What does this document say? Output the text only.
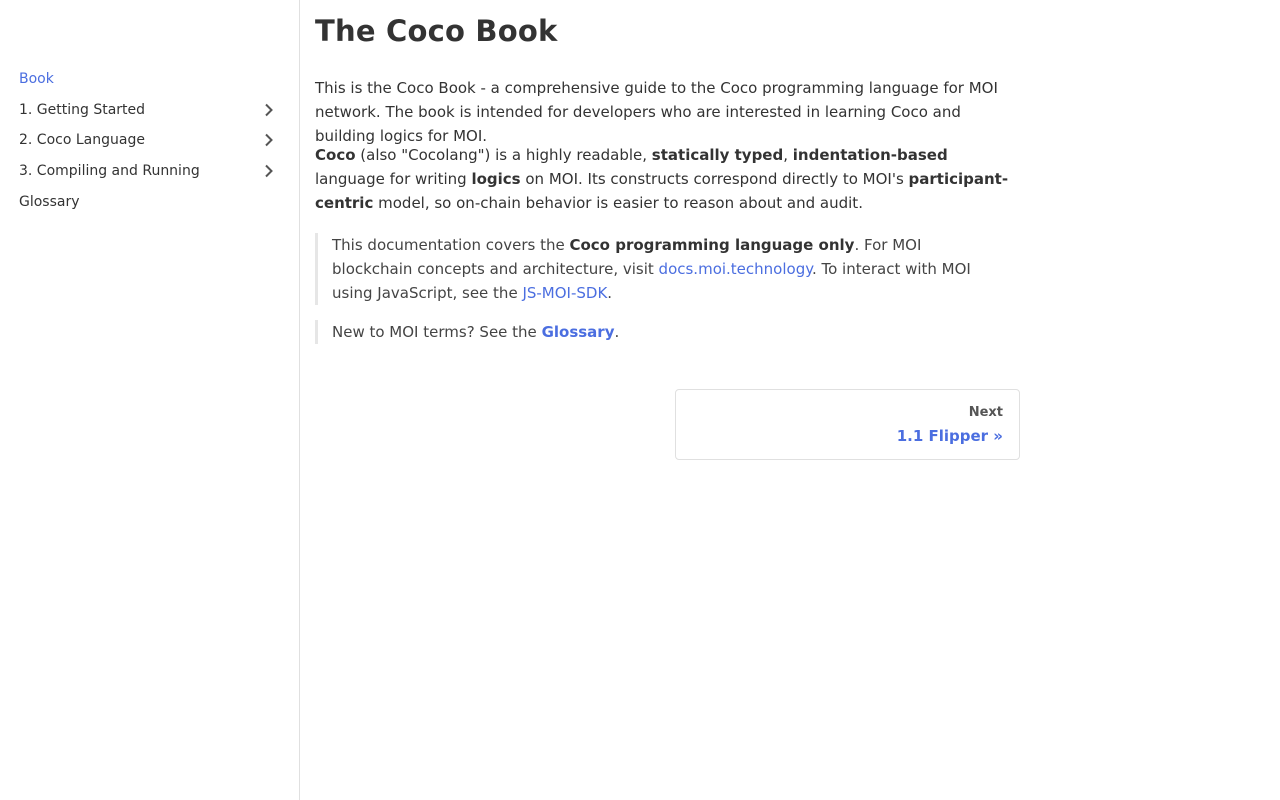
Book
1. Getting Started
2. Coco Language
3. Compiling and Running
Glossary
The Coco Book

This is the Coco Book - a comprehensive guide to the Coco programming language for MOI network. The book is intended for developers who are interested in learning Coco and building logics for MOI.

Coco (also "Cocolang") is a highly readable, statically typed, indentation-based language for writing logics on MOI. Its constructs correspond directly to MOI's participant-centric model, so on-chain behavior is easier to reason about and audit.

This documentation covers the Coco programming language only. For MOI blockchain concepts and architecture, visit docs.moi.technology. To interact with MOI using JavaScript, see the JS-MOI-SDK.
New to MOI terms? See the Glossary.
Next
1.1 Flipper »
